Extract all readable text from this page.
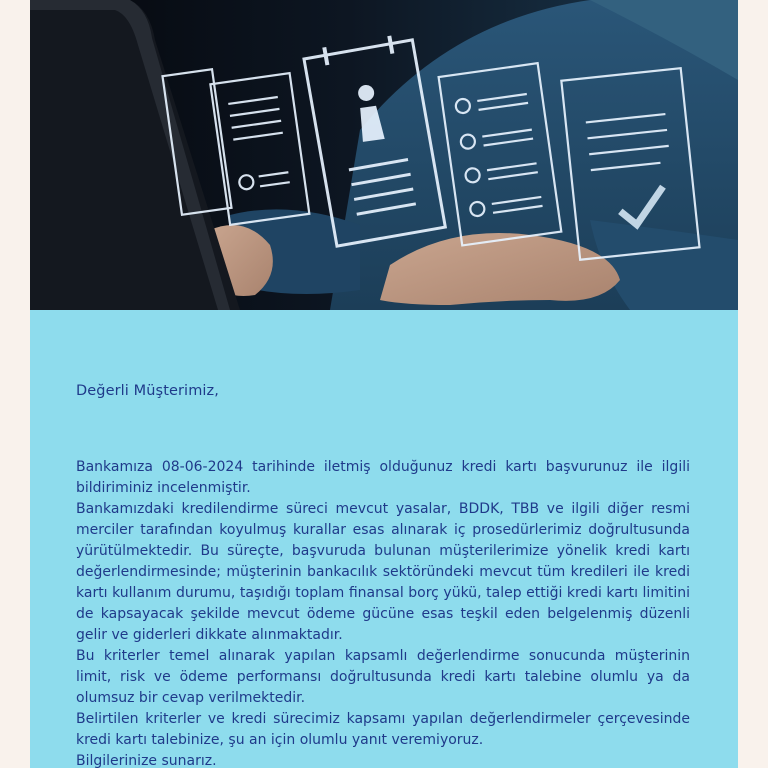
Değerli Müşterimiz,

Bankamıza 08-06-2024 tarihinde iletmiş olduğunuz kredi kartı başvurunuz ile ilgili bildiriminiz incelenmiştir.

Bankamızdaki kredilendirme süreci mevcut yasalar, BDDK, TBB ve ilgili diğer resmi merciler tarafından koyulmuş kurallar esas alınarak iç prosedürlerimiz doğrultusunda yürütülmektedir. Bu süreçte, başvuruda bulunan müşterilerimize yönelik kredi kartı değerlendirmesinde; müşterinin bankacılık sektöründeki mevcut tüm kredileri ile kredi kartı kullanım durumu, taşıdığı toplam finansal borç yükü, talep ettiği kredi kartı limitini de kapsayacak şekilde mevcut ödeme gücüne esas teşkil eden belgelenmiş düzenli gelir ve giderleri dikkate alınmaktadır.

Bu kriterler temel alınarak yapılan kapsamlı değerlendirme sonucunda müşterinin limit, risk ve ödeme performansı doğrultusunda kredi kartı talebine olumlu ya da olumsuz bir cevap verilmektedir.

Belirtilen kriterler ve kredi sürecimiz kapsamı yapılan değerlendirmeler çerçevesinde kredi kartı talebinize, şu an için olumlu yanıt veremiyoruz.

Bilgilerinize sunarız.
